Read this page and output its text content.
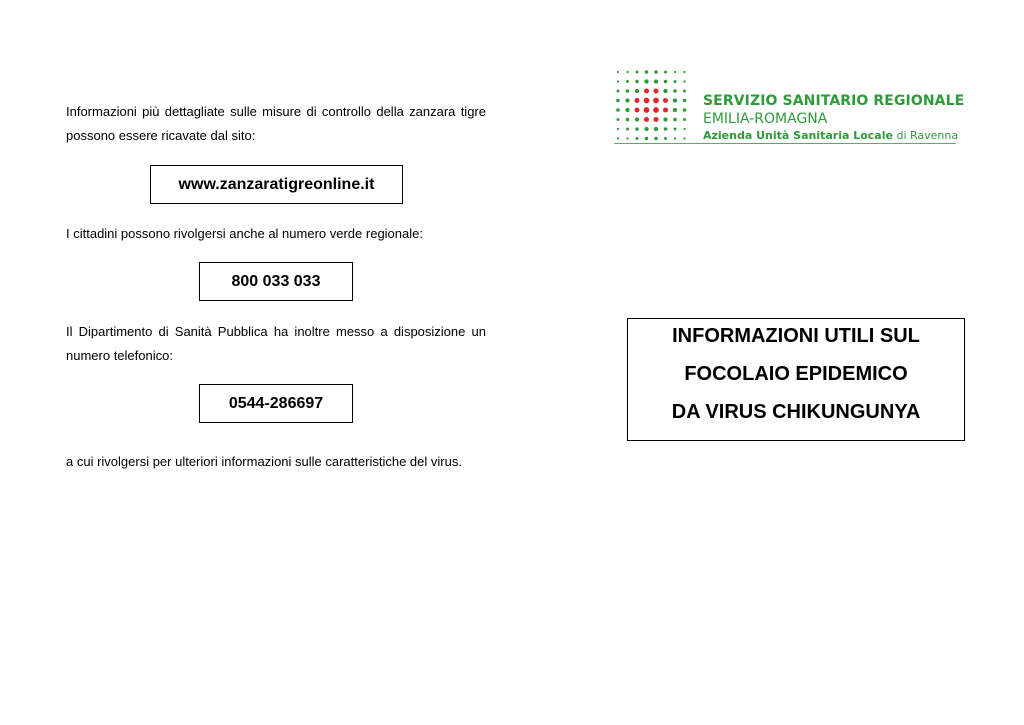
Informazioni più dettagliate sulle misure di controllo della zanzara tigre
possono essere ricavate dal sito:
www.zanzaratigreonline.it
I cittadini possono rivolgersi anche al numero verde regionale:
800 033 033
Il Dipartimento di Sanità Pubblica ha inoltre messo a disposizione un
numero telefonico:
0544-286697
a cui rivolgersi per ulteriori informazioni sulle caratteristiche del virus.
SERVIZIO SANITARIO REGIONALE
EMILIA-ROMAGNA
Azienda Unità Sanitaria Locale di Ravenna
INFORMAZIONI UTILI SUL
FOCOLAIO EPIDEMICO
DA VIRUS CHIKUNGUNYA
